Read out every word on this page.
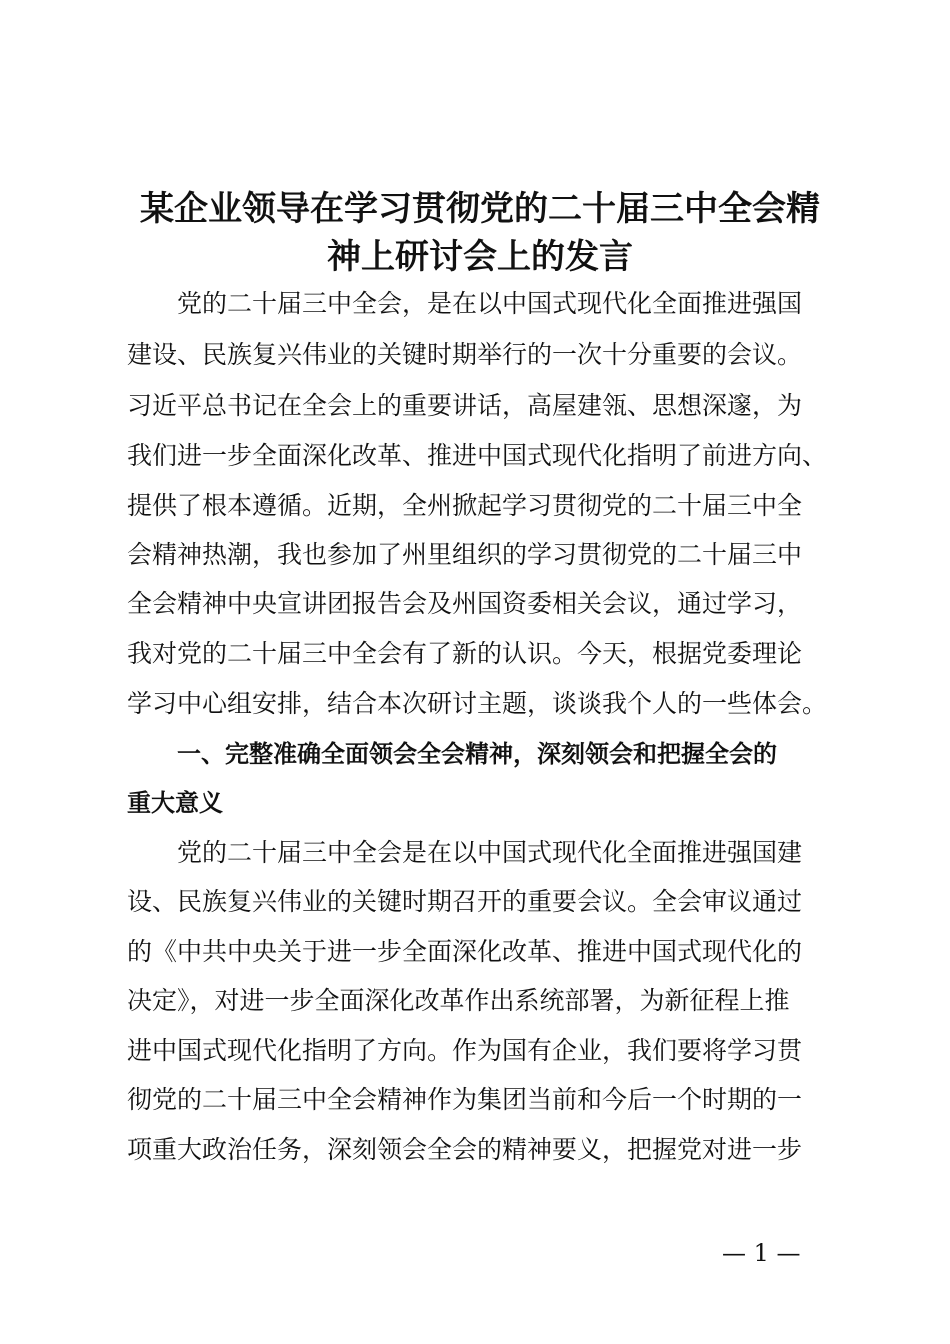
某企业领导在学习贯彻党的二十届三中全会精
神上研讨会上的发言

党的二十届三中全会，是在以中国式现代化全面推进强国

建设、民族复兴伟业的关键时期举行的一次十分重要的会议。

习近平总书记在全会上的重要讲话，高屋建瓴、思想深邃，为

我们进一步全面深化改革、推进中国式现代化指明了前进方向、

提供了根本遵循。近期，全州掀起学习贯彻党的二十届三中全

会精神热潮，我也参加了州里组织的学习贯彻党的二十届三中

全会精神中央宣讲团报告会及州国资委相关会议，通过学习，

我对党的二十届三中全会有了新的认识。今天，根据党委理论

学习中心组安排，结合本次研讨主题，谈谈我个人的一些体会。

一、完整准确全面领会全会精神，深刻领会和把握全会的

重大意义

党的二十届三中全会是在以中国式现代化全面推进强国建

设、民族复兴伟业的关键时期召开的重要会议。全会审议通过

的《中共中央关于进一步全面深化改革、推进中国式现代化的

决定》，对进一步全面深化改革作出系统部署，为新征程上推

进中国式现代化指明了方向。作为国有企业，我们要将学习贯

彻党的二十届三中全会精神作为集团当前和今后一个时期的一

项重大政治任务，深刻领会全会的精神要义，把握党对进一步

— 1 —
